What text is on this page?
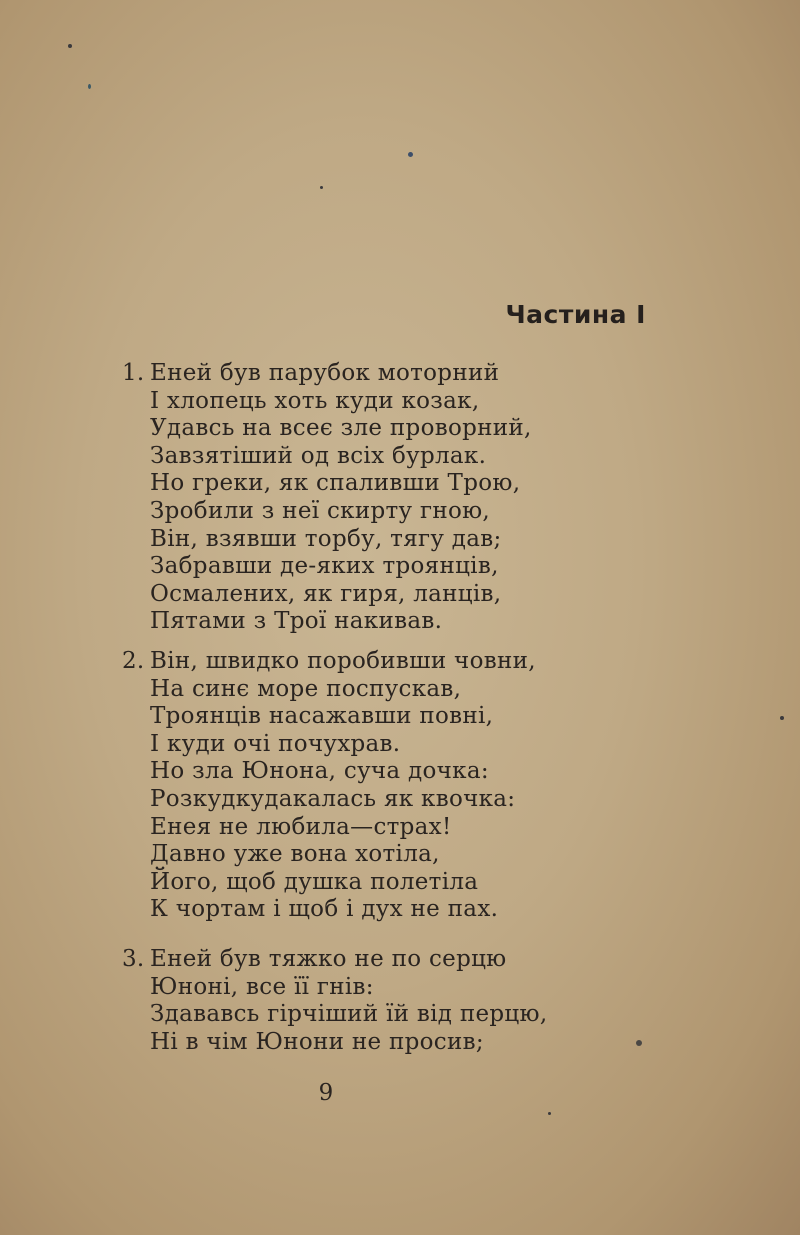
Частина І
1. Еней був парубок моторний
І хлопець хоть куди козак,
Удавсь на всеє зле проворний,
Завзятіший од всіх бурлак.
Но греки, як спаливши Трою,
Зробили з неї скирту гною,
Він, взявши торбу, тягу дав;
Забравши де-яких троянців,
Осмалених, як гиря, ланців,
Пятами з Трої накивав.
2. Він, швидко поробивши човни,
На синє море поспускав,
Троянців насажавши повні,
І куди очі почухрав.
Но зла Юнона, суча дочка:
Розкудкудакалась як квочка:
Енея не любила—страх!
Давно уже вона хотіла,
Його, щоб душка полетіла
К чортам і щоб і дух не пах.
3. Еней був тяжко не по серцю
Юноні, все її гнів:
Здававсь гірчіший їй від перцю,
Ні в чім Юнони не просив;
9
